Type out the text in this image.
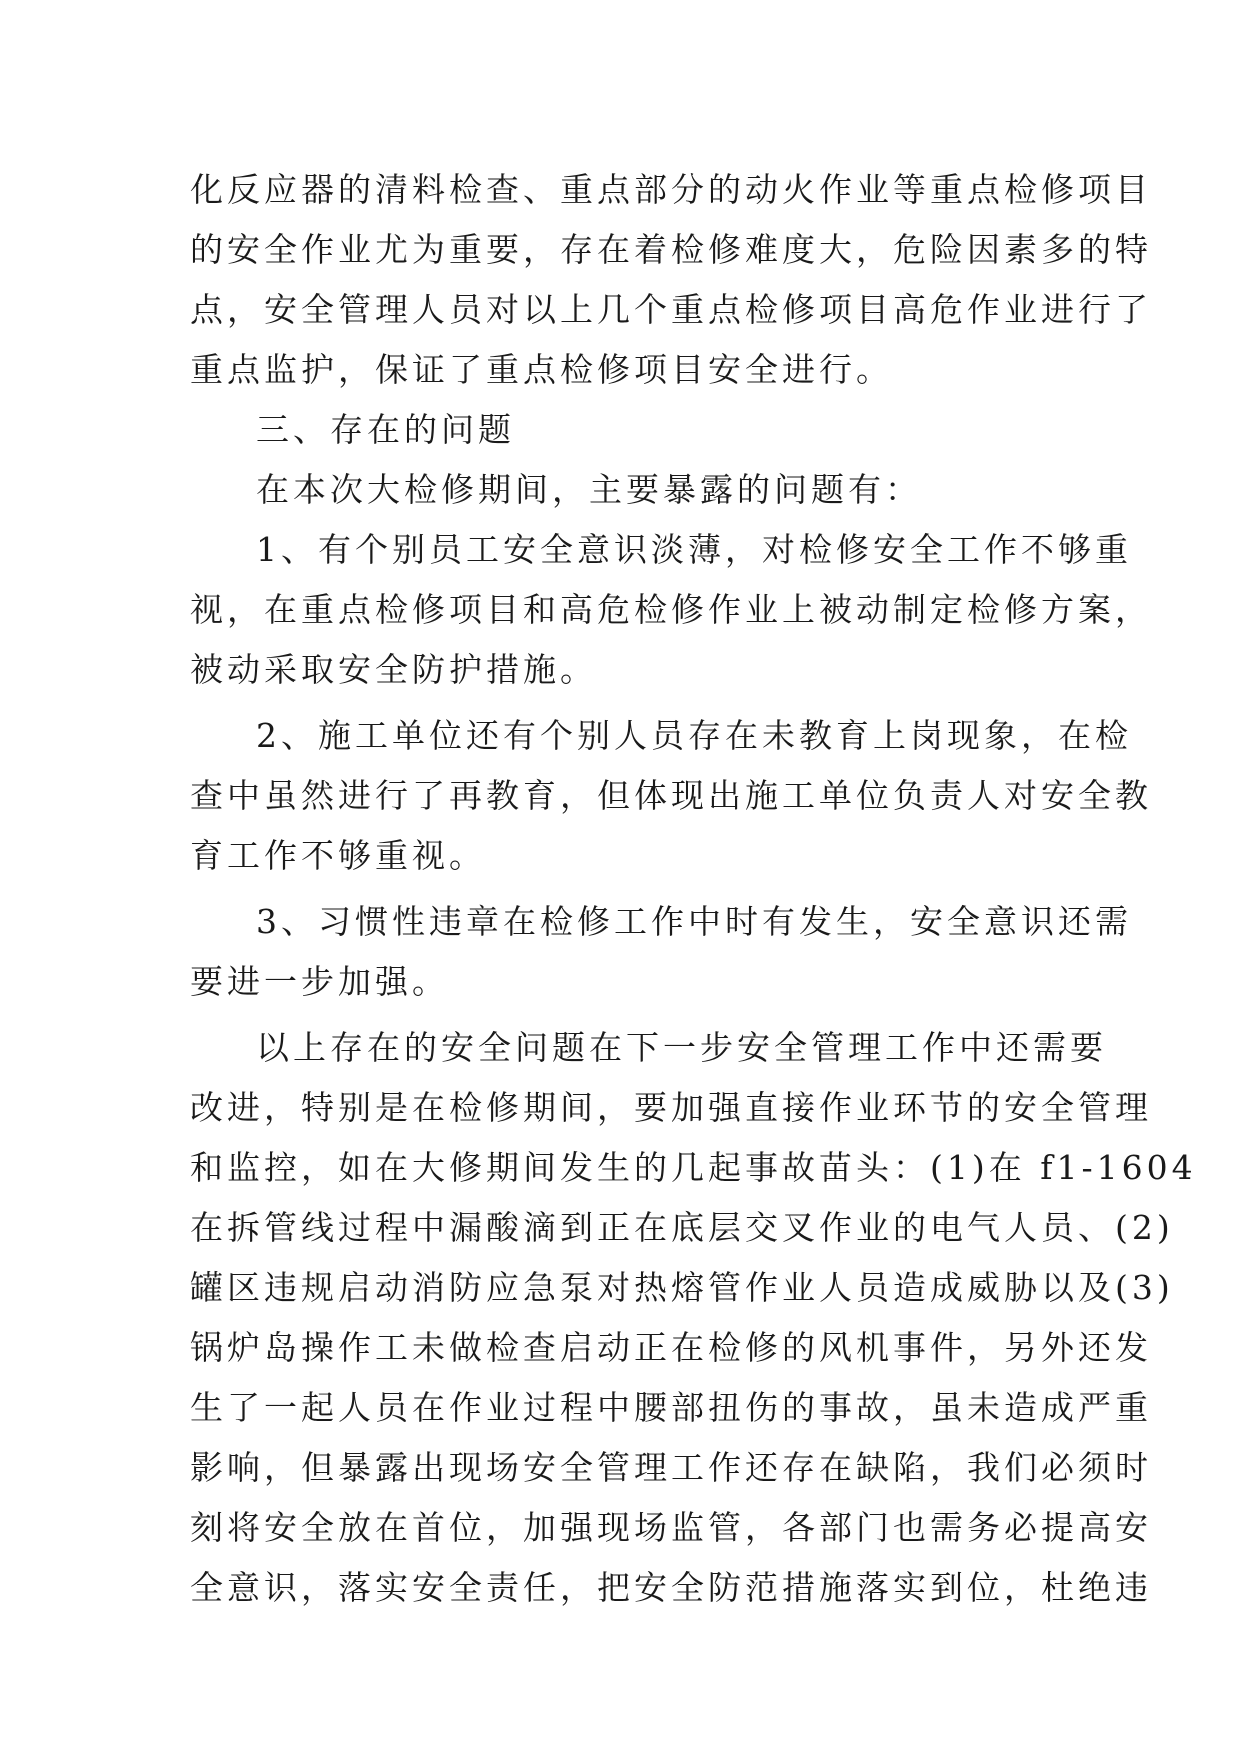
化反应器的清料检查、重点部分的动火作业等重点检修项目
的安全作业尤为重要，存在着检修难度大，危险因素多的特
点，安全管理人员对以上几个重点检修项目高危作业进行了
重点监护，保证了重点检修项目安全进行。
三、存在的问题
在本次大检修期间，主要暴露的问题有：
1、有个别员工安全意识淡薄，对检修安全工作不够重
视，在重点检修项目和高危检修作业上被动制定检修方案，
被动采取安全防护措施。
2、施工单位还有个别人员存在未教育上岗现象，在检
查中虽然进行了再教育，但体现出施工单位负责人对安全教
育工作不够重视。
3、习惯性违章在检修工作中时有发生，安全意识还需
要进一步加强。
以上存在的安全问题在下一步安全管理工作中还需要
改进，特别是在检修期间，要加强直接作业环节的安全管理
和监控，如在大修期间发生的几起事故苗头：(1)在 f1-1604
在拆管线过程中漏酸滴到正在底层交叉作业的电气人员、(2)
罐区违规启动消防应急泵对热熔管作业人员造成威胁以及(3)
锅炉岛操作工未做检查启动正在检修的风机事件，另外还发
生了一起人员在作业过程中腰部扭伤的事故，虽未造成严重
影响，但暴露出现场安全管理工作还存在缺陷，我们必须时
刻将安全放在首位，加强现场监管，各部门也需务必提高安
全意识，落实安全责任，把安全防范措施落实到位，杜绝违
